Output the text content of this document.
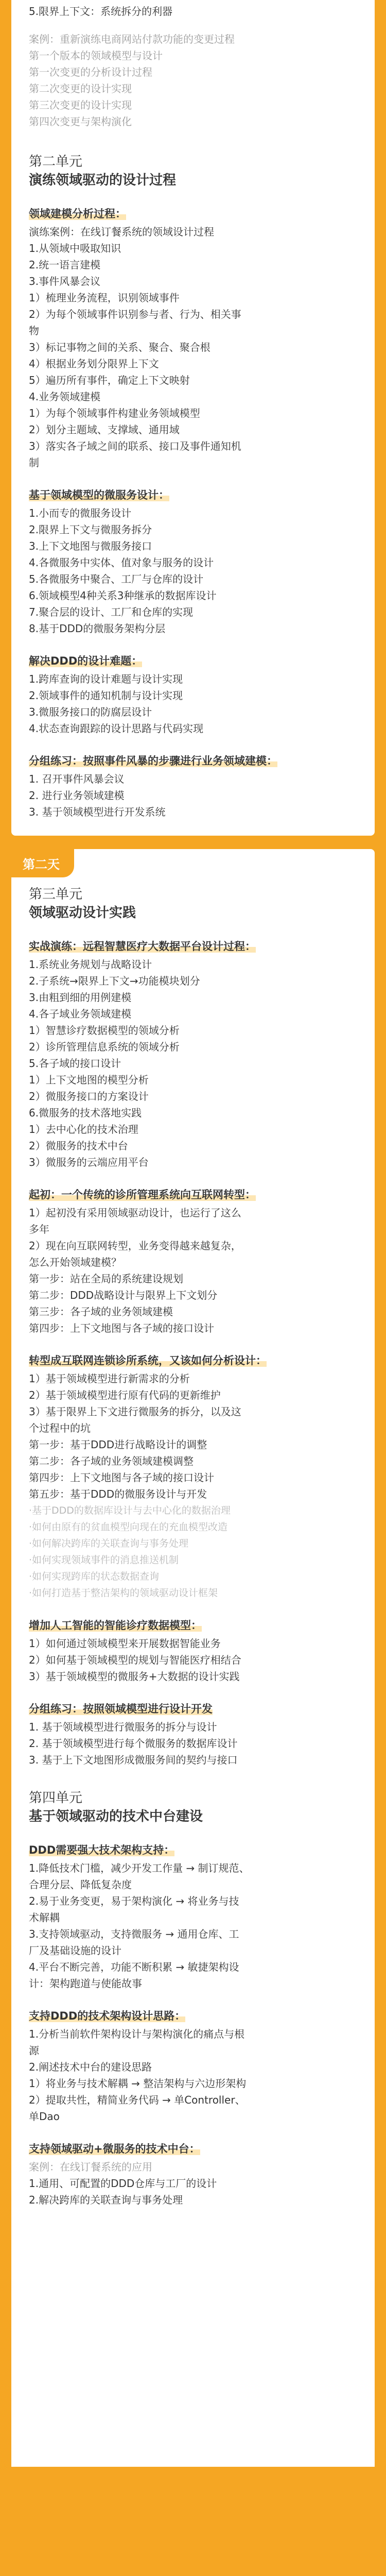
5.限界上下文：系统拆分的利器
案例：重新演练电商网站付款功能的变更过程
第一个版本的领域模型与设计
第一次变更的分析设计过程
第二次变更的设计实现
第三次变更的设计实现
第四次变更与架构演化
第二单元
演练领域驱动的设计过程
领域建模分析过程：
演练案例：在线订餐系统的领域设计过程
1.从领域中吸取知识
2.统一语言建模
3.事件风暴会议
1）梳理业务流程，识别领域事件
2）为每个领域事件识别参与者、行为、相关事
物
3）标记事物之间的关系、聚合、聚合根
4）根据业务划分限界上下文
5）遍历所有事件，确定上下文映射
4.业务领域建模
1）为每个领域事件构建业务领域模型
2）划分主题域、支撑域、通用域
3）落实各子域之间的联系、接口及事件通知机
制
基于领域模型的微服务设计：
1.小而专的微服务设计
2.限界上下文与微服务拆分
3.上下文地图与微服务接口
4.各微服务中实体、值对象与服务的设计
5.各微服务中聚合、工厂与仓库的设计
6.领域模型4种关系3种继承的数据库设计
7.聚合层的设计、工厂和仓库的实现
8.基于DDD的微服务架构分层
解决DDD的设计难题：
1.跨库查询的设计难题与设计实现
2.领域事件的通知机制与设计实现
3.微服务接口的防腐层设计
4.状态查询跟踪的设计思路与代码实现
分组练习：按照事件风暴的步骤进行业务领域建模：
1. 召开事件风暴会议
2. 进行业务领域建模
3. 基于领域模型进行开发系统
第二天
第三单元
领域驱动设计实践
实战演练：远程智慧医疗大数据平台设计过程：
1.系统业务规划与战略设计
2.子系统→限界上下文→功能模块划分
3.由粗到细的用例建模
4.各子域业务领域建模
1）智慧诊疗数据模型的领域分析
2）诊所管理信息系统的领域分析
5.各子域的接口设计
1）上下文地图的模型分析
2）微服务接口的方案设计
6.微服务的技术落地实践
1）去中心化的技术治理
2）微服务的技术中台
3）微服务的云端应用平台
起初：一个传统的诊所管理系统向互联网转型：
1）起初没有采用领域驱动设计，也运行了这么
多年
2）现在向互联网转型，业务变得越来越复杂，
怎么开始领域建模？
第一步：站在全局的系统建设规划
第二步：DDD战略设计与限界上下文划分
第三步：各子域的业务领域建模
第四步：上下文地图与各子域的接口设计
转型成互联网连锁诊所系统，又该如何分析设计：
1）基于领域模型进行新需求的分析
2）基于领域模型进行原有代码的更新维护
3）基于限界上下文进行微服务的拆分，以及这
个过程中的坑
第一步：基于DDD进行战略设计的调整
第二步：各子域的业务领域建模调整
第四步：上下文地图与各子域的接口设计
第五步：基于DDD的微服务设计与开发
·基于DDD的数据库设计与去中心化的数据治理
·如何由原有的贫血模型向现在的充血模型改造
·如何解决跨库的关联查询与事务处理
·如何实现领域事件的消息推送机制
·如何实现跨库的状态数据查询
·如何打造基于整洁架构的领域驱动设计框架
增加人工智能的智能诊疗数据模型：
1）如何通过领域模型来开展数据智能业务
2）如何基于领域模型的规划与智能医疗相结合
3）基于领域模型的微服务+大数据的设计实践
分组练习：按照领域模型进行设计开发
1. 基于领域模型进行微服务的拆分与设计
2. 基于领域模型进行每个微服务的数据库设计
3. 基于上下文地图形成微服务间的契约与接口
第四单元
基于领域驱动的技术中台建设
DDD需要强大技术架构支持：
1.降低技术门槛，减少开发工作量 → 制订规范、
合理分层、降低复杂度
2.易于业务变更，易于架构演化 → 将业务与技
术解耦
3.支持领域驱动，支持微服务 → 通用仓库、工
厂及基础设施的设计
4.平台不断完善，功能不断积累 → 敏捷架构设
计：架构跑道与使能故事
支持DDD的技术架构设计思路：
1.分析当前软件架构设计与架构演化的痛点与根
源
2.阐述技术中台的建设思路
1）将业务与技术解耦 → 整洁架构与六边形架构
2）提取共性，精简业务代码 → 单Controller、
单Dao
支持领域驱动+微服务的技术中台：
案例：在线订餐系统的应用
1.通用、可配置的DDD仓库与工厂的设计
2.解决跨库的关联查询与事务处理
